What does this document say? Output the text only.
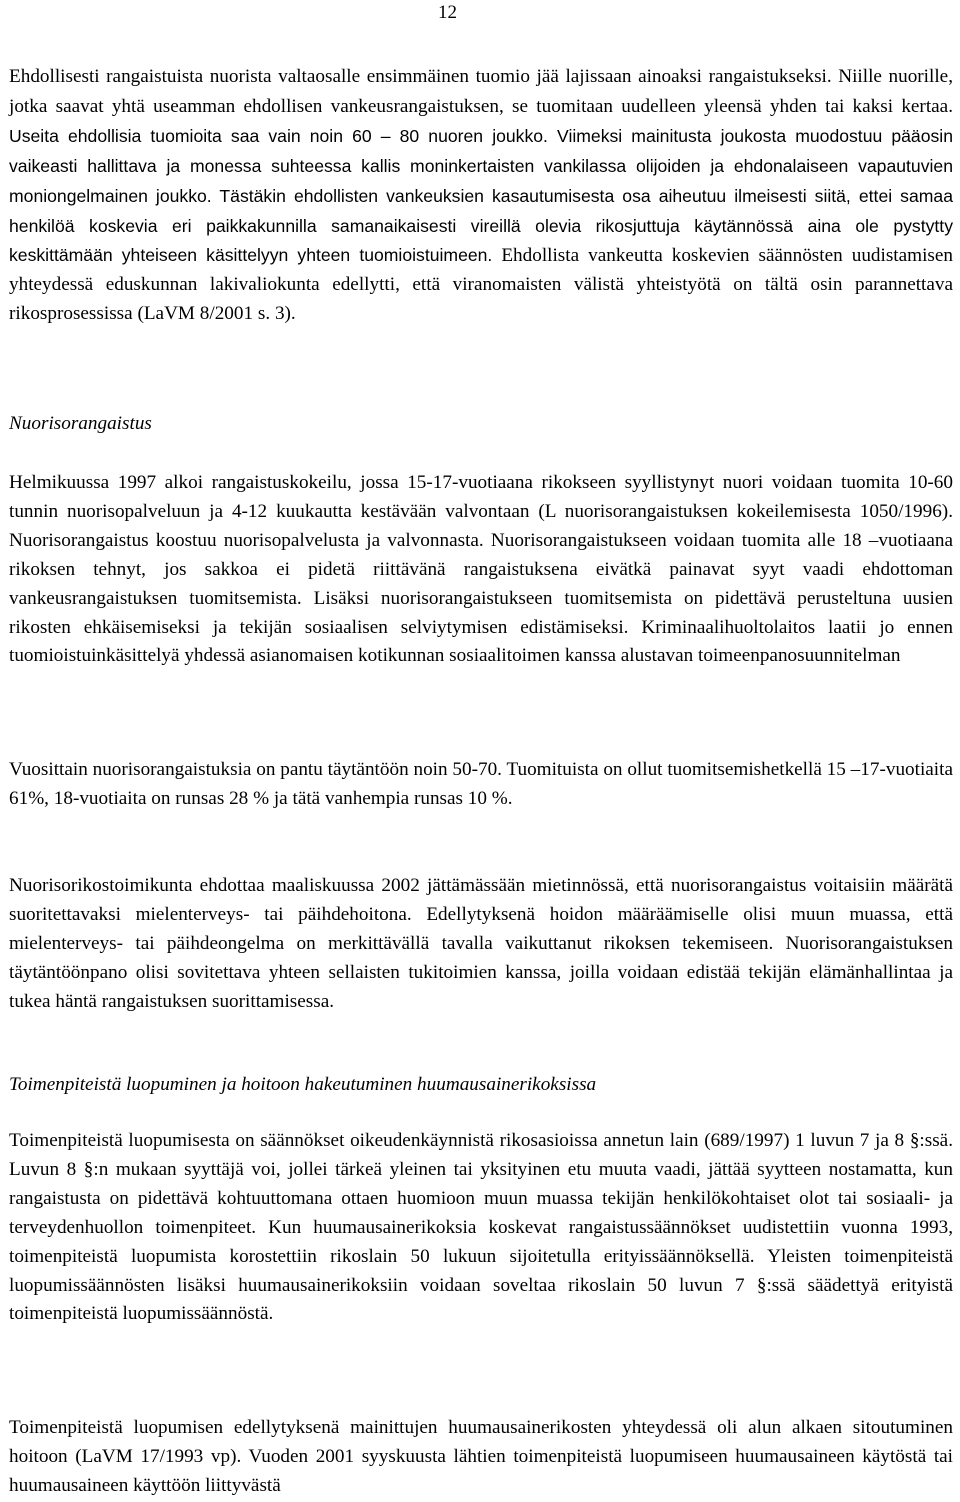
12
Ehdollisesti rangaistuista nuorista valtaosalle ensimmäinen tuomio jää lajissaan ainoaksi rangaistukseksi. Niille nuorille, jotka saavat yhtä useamman ehdollisen vankeusrangaistuksen, se tuomitaan uudelleen yleensä yhden tai kaksi kertaa. Useita ehdollisia tuomioita saa vain noin 60 – 80 nuoren joukko. Viimeksi mainitusta joukosta muodostuu pääosin vaikeasti hallittava ja monessa suhteessa kallis moninkertaisten vankilassa olijoiden ja ehdonalaiseen vapautuvien moniongelmainen joukko. Tästäkin ehdollisten vankeuksien kasautumisesta osa aiheutuu ilmeisesti siitä, ettei samaa henkilöä koskevia eri paikkakunnilla samanaikaisesti vireillä olevia rikosjuttuja käytännössä aina ole pystytty keskittämään yhteiseen käsittelyyn yhteen tuomioistuimeen. Ehdollista vankeutta koskevien säännösten uudistamisen yhteydessä eduskunnan lakivaliokunta edellytti, että viranomaisten välistä yhteistyötä on tältä osin parannettava rikosprosessissa (LaVM 8/2001 s. 3).
Nuorisorangaistus
Helmikuussa 1997 alkoi rangaistuskokeilu, jossa 15-17-vuotiaana rikokseen syyllistynyt nuori voidaan tuomita 10-60 tunnin nuorisopalveluun ja 4-12 kuukautta kestävään valvontaan (L nuorisorangaistuksen kokeilemisesta 1050/1996). Nuorisorangaistus koostuu nuorisopalvelusta ja valvonnasta. Nuorisorangaistukseen voidaan tuomita alle 18 –vuotiaana rikoksen tehnyt, jos sakkoa ei pidetä riittävänä rangaistuksena eivätkä painavat syyt vaadi ehdottoman vankeusrangaistuksen tuomitsemista. Lisäksi nuorisorangaistukseen tuomitsemista on pidettävä perusteltuna uusien rikosten ehkäisemiseksi ja tekijän sosiaalisen selviytymisen edistämiseksi. Kriminaalihuoltolaitos laatii jo ennen tuomioistuinkäsittelyä yhdessä asianomaisen kotikunnan sosiaalitoimen kanssa alustavan toimeenpanosuunnitelman
Vuosittain nuorisorangaistuksia on pantu täytäntöön noin 50-70. Tuomituista on ollut tuomitsemishetkellä 15 –17-vuotiaita 61%, 18-vuotiaita on runsas 28 % ja tätä vanhempia runsas 10 %.
Nuorisorikostoimikunta ehdottaa maaliskuussa 2002 jättämässään mietinnössä, että nuorisorangaistus voitaisiin määrätä suoritettavaksi mielenterveys- tai päihdehoitona. Edellytyksenä hoidon määräämiselle olisi muun muassa, että mielenterveys- tai päihdeongelma on merkittävällä tavalla vaikuttanut rikoksen tekemiseen. Nuorisorangaistuksen täytäntöönpano olisi sovitettava yhteen sellaisten tukitoimien kanssa, joilla voidaan edistää tekijän elämänhallintaa ja tukea häntä rangaistuksen suorittamisessa.
Toimenpiteistä luopuminen ja hoitoon hakeutuminen huumausainerikoksissa
Toimenpiteistä luopumisesta on säännökset oikeudenkäynnistä rikosasioissa annetun lain (689/1997) 1 luvun 7 ja 8 §:ssä. Luvun 8 §:n mukaan syyttäjä voi, jollei tärkeä yleinen tai yksityinen etu muuta vaadi, jättää syytteen nostamatta, kun rangaistusta on pidettävä kohtuuttomana ottaen huomioon muun muassa tekijän henkilökohtaiset olot tai sosiaali- ja terveydenhuollon toimenpiteet. Kun huumausainerikoksia koskevat rangaistussäännökset uudistettiin vuonna 1993, toimenpiteistä luopumista korostettiin rikoslain 50 lukuun sijoitetulla erityissäännöksellä. Yleisten toimenpiteistä luopumissäännösten lisäksi huumausainerikoksiin voidaan soveltaa rikoslain 50 luvun 7 §:ssä säädettyä erityistä toimenpiteistä luopumissäännöstä.
Toimenpiteistä luopumisen edellytyksenä mainittujen huumausainerikosten yhteydessä oli alun alkaen sitoutuminen hoitoon (LaVM 17/1993 vp). Vuoden 2001 syyskuusta lähtien toimenpiteistä luopumiseen huumausaineen käytöstä tai huumausaineen käyttöön liittyvästä
